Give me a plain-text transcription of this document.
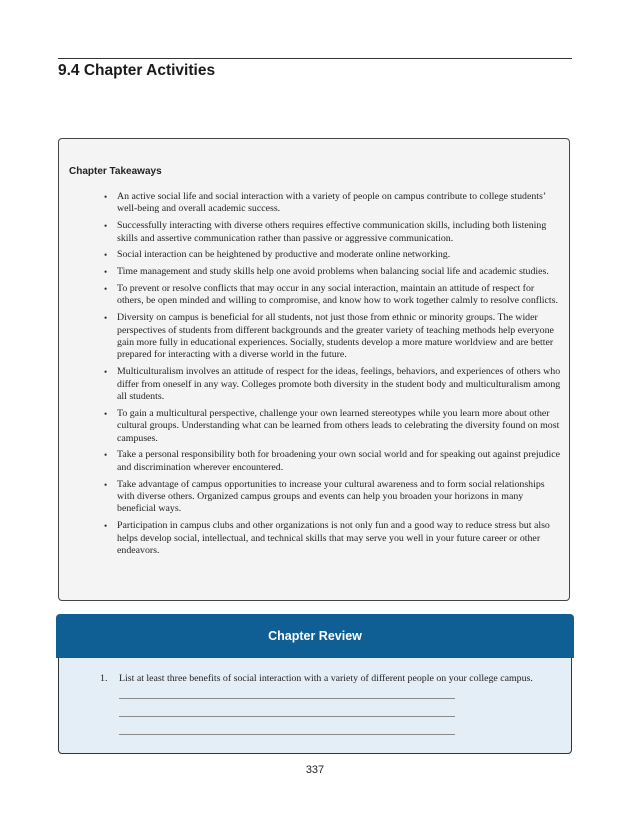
9.4 Chapter Activities
Chapter Takeaways
• An active social life and social interaction with a variety of people on campus contribute to college students’ well-being and overall academic success.
• Successfully interacting with diverse others requires effective communication skills, including both listening skills and assertive communication rather than passive or aggressive communication.
• Social interaction can be heightened by productive and moderate online networking.
• Time management and study skills help one avoid problems when balancing social life and academic studies.
• To prevent or resolve conflicts that may occur in any social interaction, maintain an attitude of respect for others, be open minded and willing to compromise, and know how to work together calmly to resolve conflicts.
• Diversity on campus is beneficial for all students, not just those from ethnic or minority groups. The wider perspectives of students from different backgrounds and the greater variety of teaching methods help everyone gain more fully in educational experiences. Socially, students develop a more mature worldview and are better prepared for interacting with a diverse world in the future.
• Multiculturalism involves an attitude of respect for the ideas, feelings, behaviors, and experiences of others who differ from oneself in any way. Colleges promote both diversity in the student body and multiculturalism among all students.
• To gain a multicultural perspective, challenge your own learned stereotypes while you learn more about other cultural groups. Understanding what can be learned from others leads to celebrating the diversity found on most campuses.
• Take a personal responsibility both for broadening your own social world and for speaking out against prejudice and discrimination wherever encountered.
• Take advantage of campus opportunities to increase your cultural awareness and to form social relationships with diverse others. Organized campus groups and events can help you broaden your horizons in many beneficial ways.
• Participation in campus clubs and other organizations is not only fun and a good way to reduce stress but also helps develop social, intellectual, and technical skills that may serve you well in your future career or other endeavors.
Chapter Review
1. List at least three benefits of social interaction with a variety of different people on your college campus.
337
